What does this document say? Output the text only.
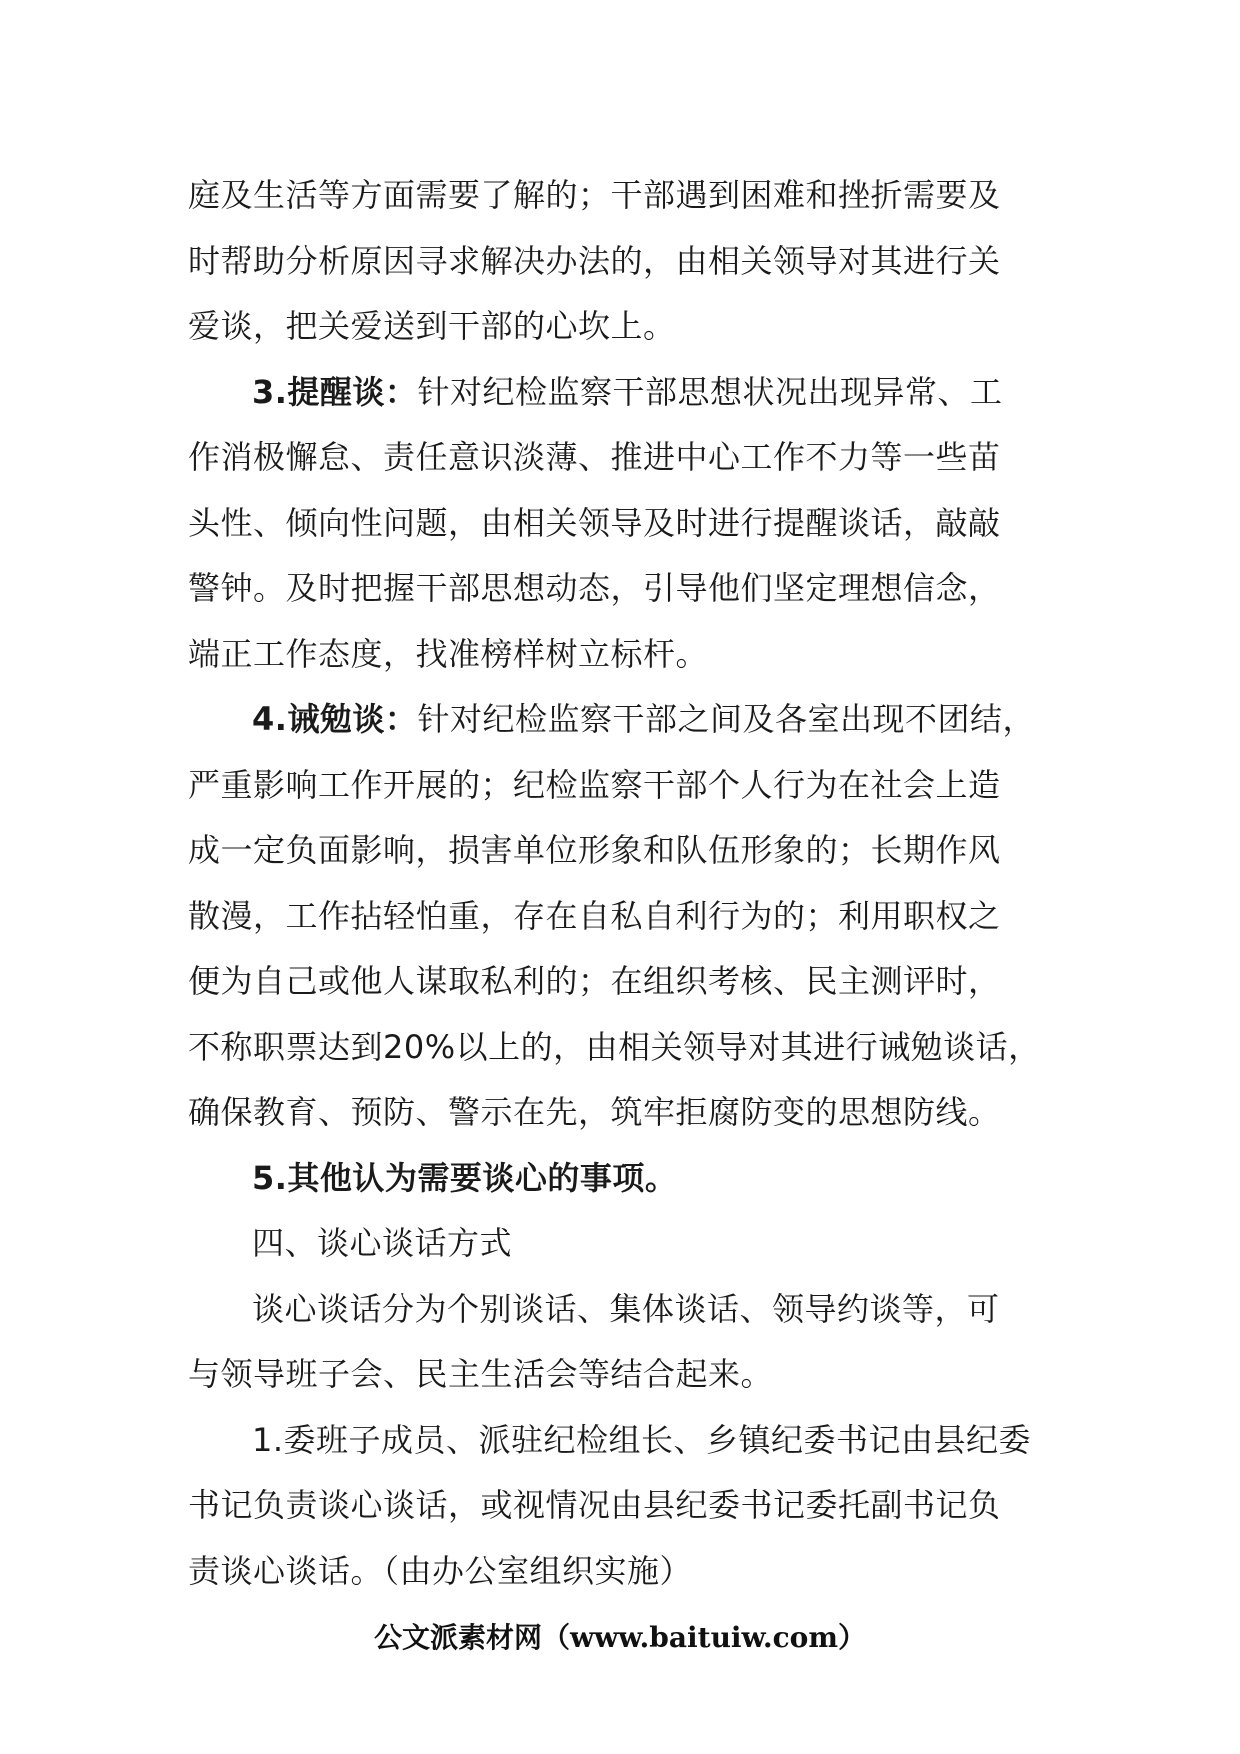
庭及生活等方面需要了解的；干部遇到困难和挫折需要及
时帮助分析原因寻求解决办法的，由相关领导对其进行关
爱谈，把关爱送到干部的心坎上。

3.提醒谈：针对纪检监察干部思想状况出现异常、工
作消极懈怠、责任意识淡薄、推进中心工作不力等一些苗
头性、倾向性问题，由相关领导及时进行提醒谈话，敲敲
警钟。及时把握干部思想动态，引导他们坚定理想信念，
端正工作态度，找准榜样树立标杆。

4.诫勉谈：针对纪检监察干部之间及各室出现不团结，
严重影响工作开展的；纪检监察干部个人行为在社会上造
成一定负面影响，损害单位形象和队伍形象的；长期作风
散漫，工作拈轻怕重，存在自私自利行为的；利用职权之
便为自己或他人谋取私利的；在组织考核、民主测评时，
不称职票达到20%以上的，由相关领导对其进行诫勉谈话，
确保教育、预防、警示在先，筑牢拒腐防变的思想防线。

5.其他认为需要谈心的事项。

四、谈心谈话方式

谈心谈话分为个别谈话、集体谈话、领导约谈等，可
与领导班子会、民主生活会等结合起来。

1.委班子成员、派驻纪检组长、乡镇纪委书记由县纪委
书记负责谈心谈话，或视情况由县纪委书记委托副书记负
责谈心谈话。（由办公室组织实施）

公文派素材网（www.baituiw.com）
